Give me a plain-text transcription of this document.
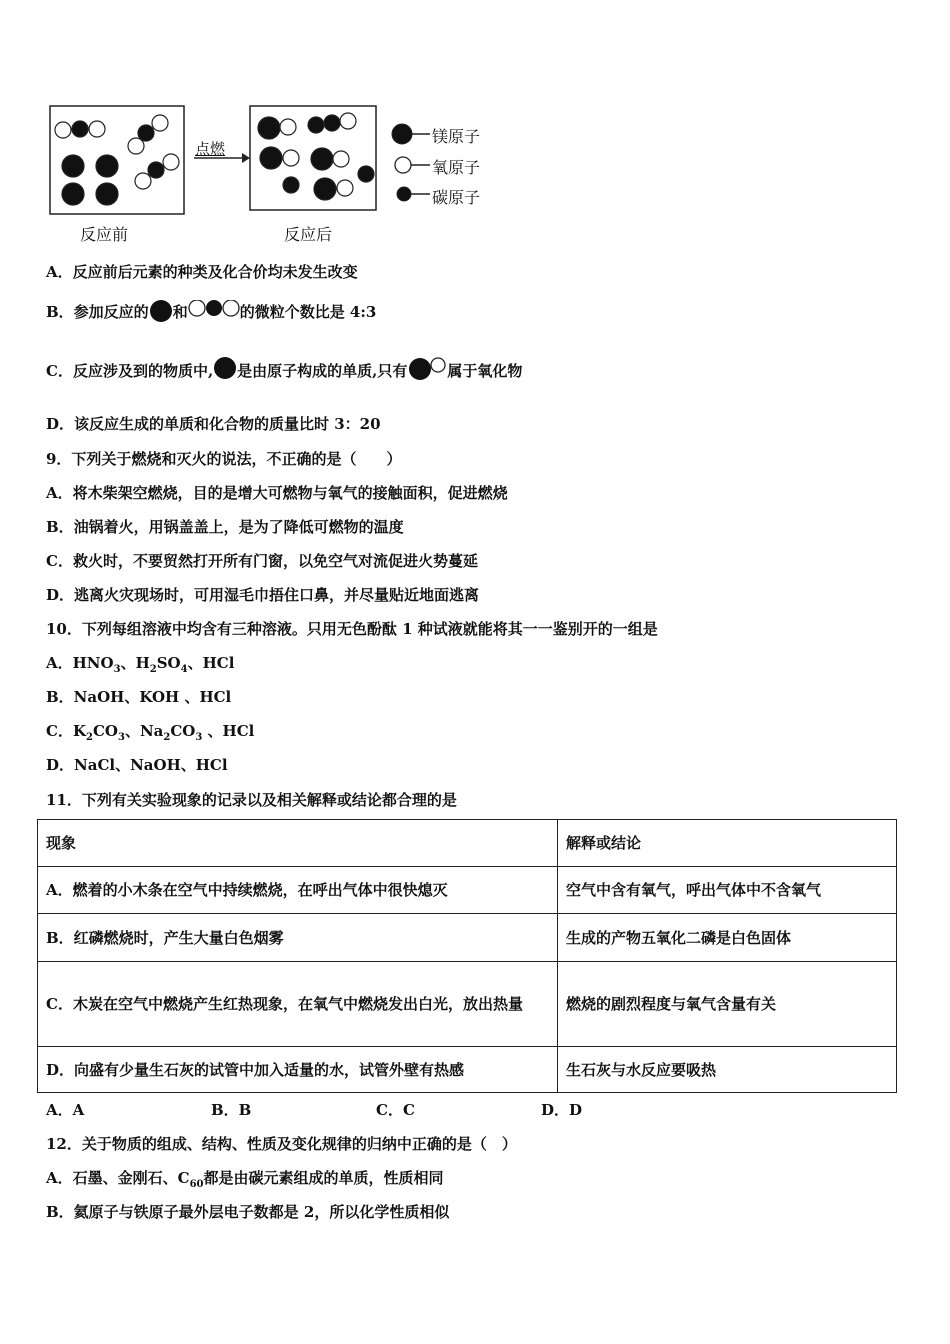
点燃
镁原子
氧原子
碳原子
反应前	反应后
A．反应前后元素的种类及化合价均未发生改变
B．参加反应的 和	的微粒个数比是 4:3
C．反应涉及到的物质中, 是由原子构成的单质,只有	属于氧化物
D．该反应生成的单质和化合物的质量比时 3：20
9．下列关于燃烧和灭火的说法，不正确的是（　　）
A．将木柴架空燃烧，目的是增大可燃物与氧气的接触面积，促进燃烧
B．油锅着火，用锅盖盖上，是为了降低可燃物的温度
C．救火时，不要贸然打开所有门窗，以免空气对流促进火势蔓延
D．逃离火灾现场时，可用湿毛巾捂住口鼻，并尽量贴近地面逃离
10．下列每组溶液中均含有三种溶液。只用无色酚酞 1 种试液就能将其一一鉴别开的一组是
A．$HNO_3$、$H_2SO_4$、HCl
B．NaOH、KOH 、HCl
C．$K_2CO_3$、$Na_2CO_3$ 、HCl
D．NaCl、NaOH、HCl
11．下列有关实验现象的记录以及相关解释或结论都合理的是
现象	解释或结论
A．燃着的小木条在空气中持续燃烧，在呼出气体中很快熄灭	空气中含有氧气，呼出气体中不含氧气
B．红磷燃烧时，产生大量白色烟雾	生成的产物五氧化二磷是白色固体
C．木炭在空气中燃烧产生红热现象，在氧气中燃烧发出白光，放出热量	燃烧的剧烈程度与氧气含量有关
D．向盛有少量生石灰的试管中加入适量的水，试管外壁有热感	生石灰与水反应要吸热
A．A	B．B	C．C	D．D
12．关于物质的组成、结构、性质及变化规律的归纳中正确的是（　）
A．石墨、金刚石、$C_{60}$都是由碳元素组成的单质，性质相同
B．氦原子与铁原子最外层电子数都是 2，所以化学性质相似
